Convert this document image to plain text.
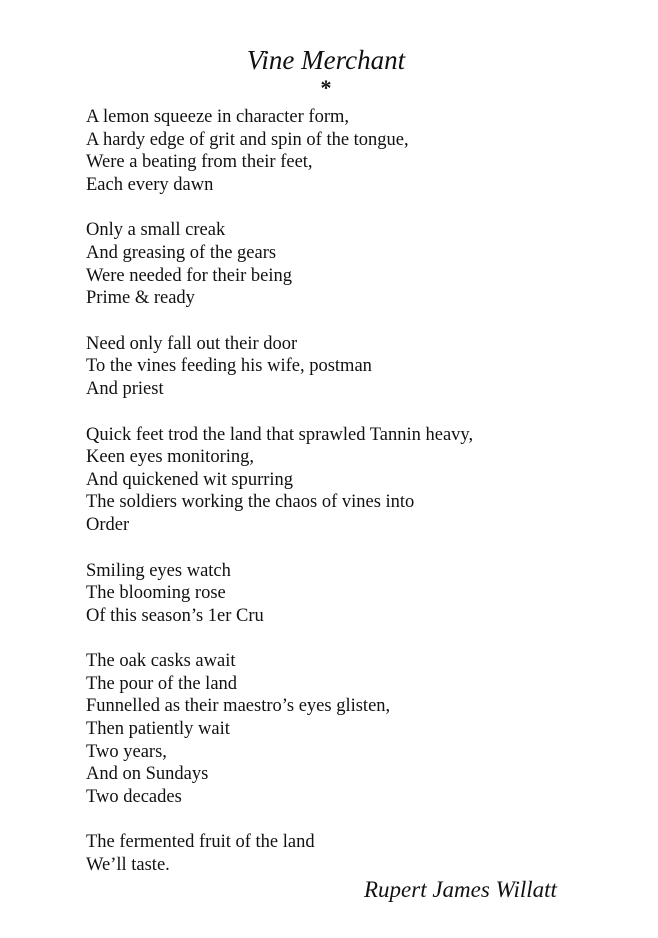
Vine Merchant
*
A lemon squeeze in character form,
A hardy edge of grit and spin of the tongue,
Were a beating from their feet,
Each every dawn
Only a small creak
And greasing of the gears
Were needed for their being
Prime & ready
Need only fall out their door
To the vines feeding his wife, postman
And priest
Quick feet trod the land that sprawled Tannin heavy,
Keen eyes monitoring,
And quickened wit spurring
The soldiers working the chaos of vines into
Order
Smiling eyes watch
The blooming rose
Of this season’s 1er Cru
The oak casks await
The pour of the land
Funnelled as their maestro’s eyes glisten,
Then patiently wait
Two years,
And on Sundays
Two decades
The fermented fruit of the land
We’ll taste.
Rupert James Willatt
